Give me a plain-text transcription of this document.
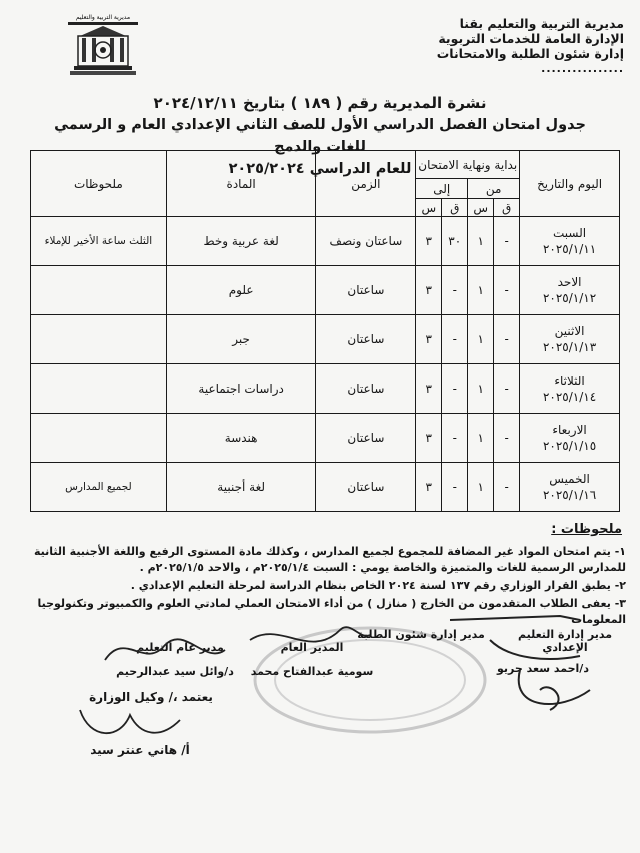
مديرية التربية والتعليم بقنا
الإدارة العامة للخدمات التربوية
إدارة شئون الطلبة والامتحانات
................
مديرية التربية والتعليم
نشرة المديرية رقم ( ١٨٩ ) بتاريخ ٢٠٢٤/١٢/١١
جدول امتحان الفصل الدراسي الأول للصف الثاني الإعدادي العام و الرسمي للغات والدمج
للعام الدراسي ٢٠٢٥/٢٠٢٤
اليوم والتاريخ	بداية ونهاية الامتحان				الزمن	المادة	ملحوظات
	من		إلى				
	ق	س	ق	س			

السبت
٢٠٢٥/١/١١	-	١	٣٠	٣	ساعتان ونصف	لغة عربية وخط	الثلث ساعة الأخير للإملاء

الاحد
٢٠٢٥/١/١٢	-	١	-	٣	ساعتان	علوم	

الاثنين
٢٠٢٥/١/١٣	-	١	-	٣	ساعتان	جبر	

الثلاثاء
٢٠٢٥/١/١٤	-	١	-	٣	ساعتان	دراسات اجتماعية	

الاربعاء
٢٠٢٥/١/١٥	-	١	-	٣	ساعتان	هندسة	

الخميس
٢٠٢٥/١/١٦	-	١	-	٣	ساعتان	لغة أجنبية	لجميع المدارس
ملحوظات :
١- يتم امتحان المواد غير المضافة للمجموع لجميع المدارس ، وكذلك مادة المستوى الرفيع واللغة الأجنبية الثانية للمدارس الرسمية للغات والمتميزة والخاصة يومي : السبت ٢٠٢٥/١/٤م ، والاحد ٢٠٢٥/١/٥م .
٢- يطبق القرار الوزاري رقم ١٣٧ لسنة ٢٠٢٤ الخاص بنظام الدراسة لمرحلة التعليم الإعدادي .
٣- يعفى الطلاب المتقدمون من الخارج ( منازل ) من أداء الامتحان العملي لمادتي العلوم والكمبيوتر وتكنولوجيا المعلومات
مدير إدارة التعليم الإعدادي
د/احمد سعد جريو
مدير إدارة شئون الطلبة
المدير العام
سومية عبدالفتاح محمد
مدير عام التعليم
د/وائل سيد عبدالرحيم
يعتمد ،/ وكيل الوزارة
أ/ هاني عنتر سيد
